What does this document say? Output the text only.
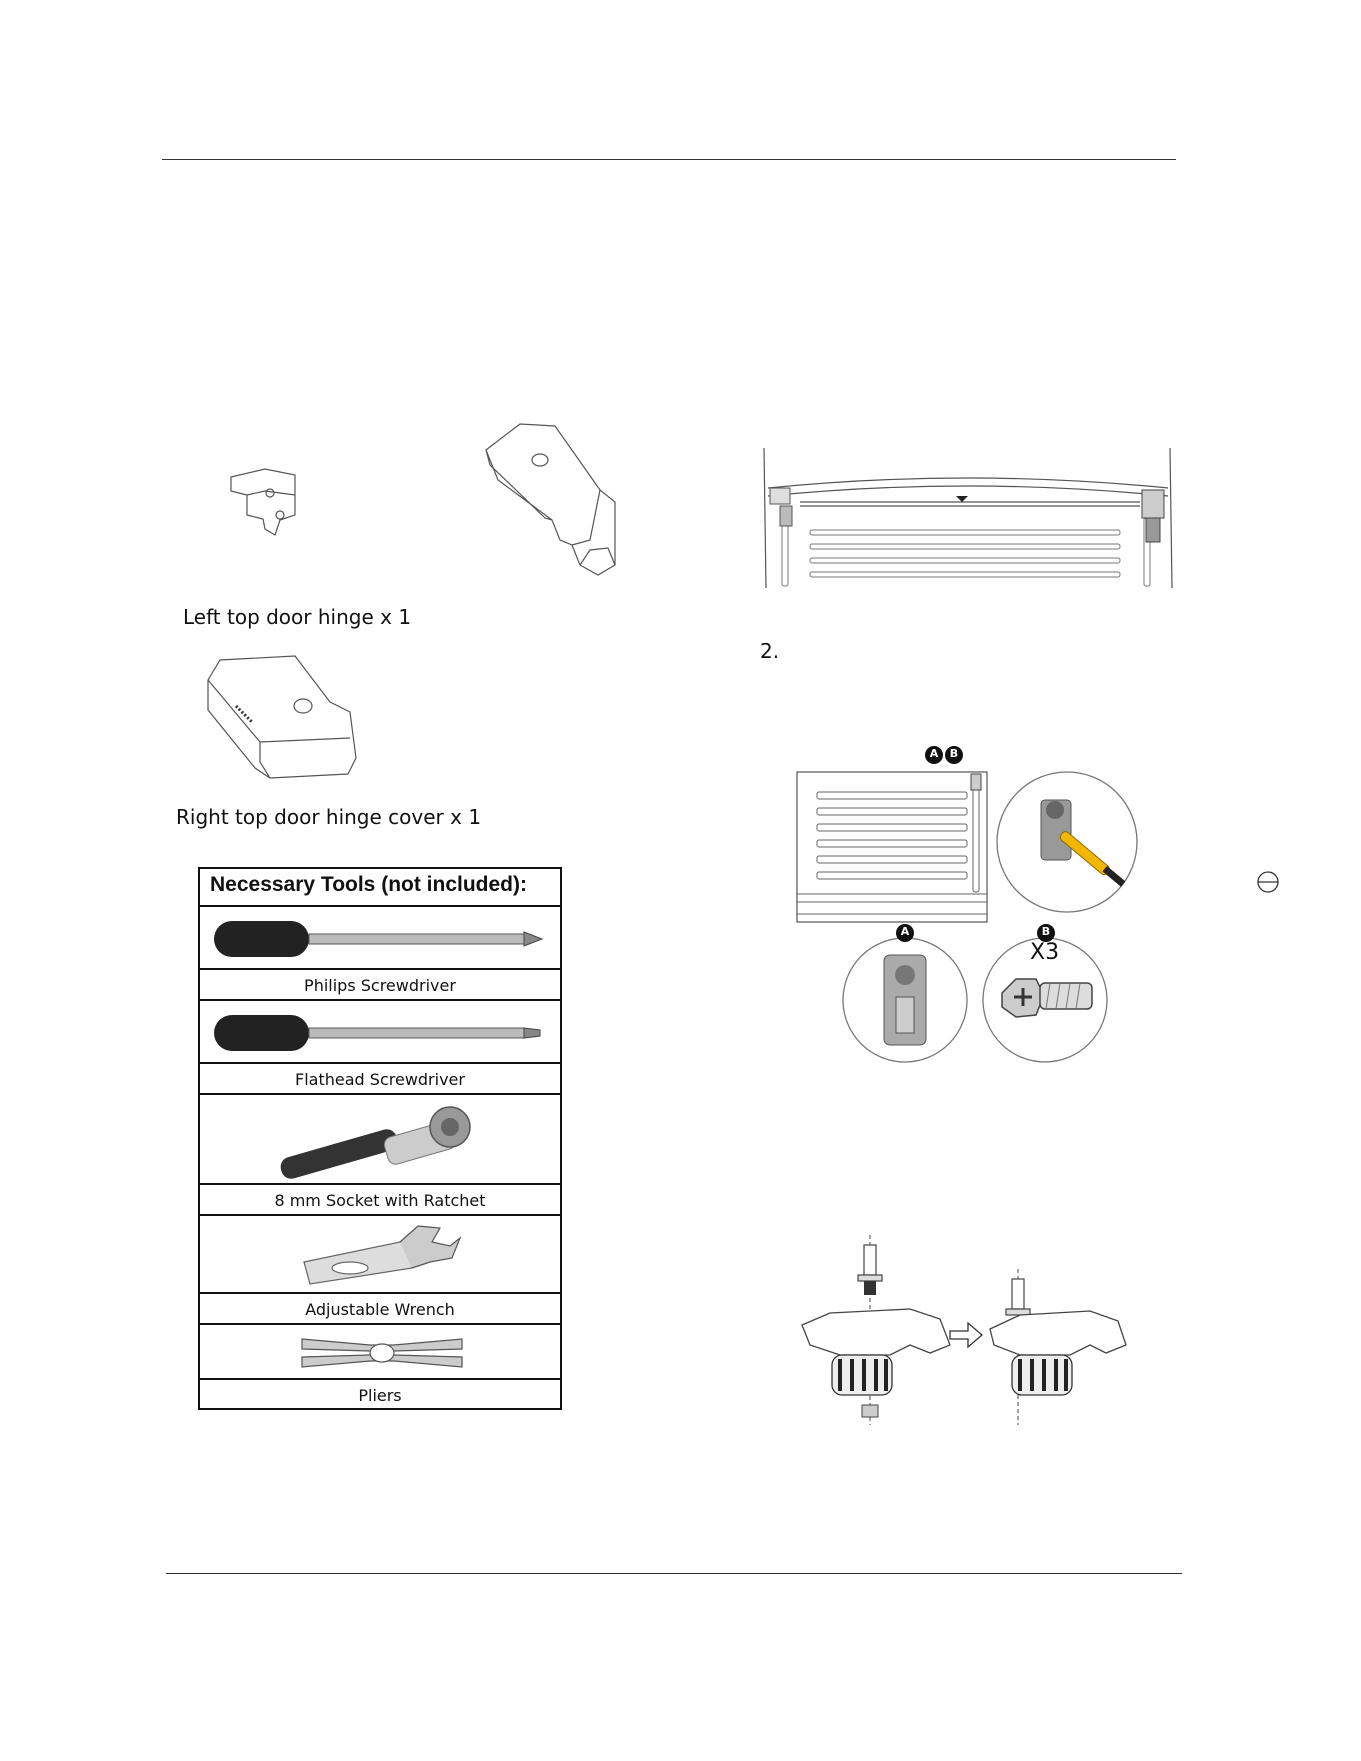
Left top door hinge x 1
Right top door hinge cover x 1
Necessary Tools (not included):
Philips Screwdriver
Flathead Screwdriver
8 mm Socket with Ratchet
Adjustable Wrench
Pliers
2.
A	B
A	B
X3
